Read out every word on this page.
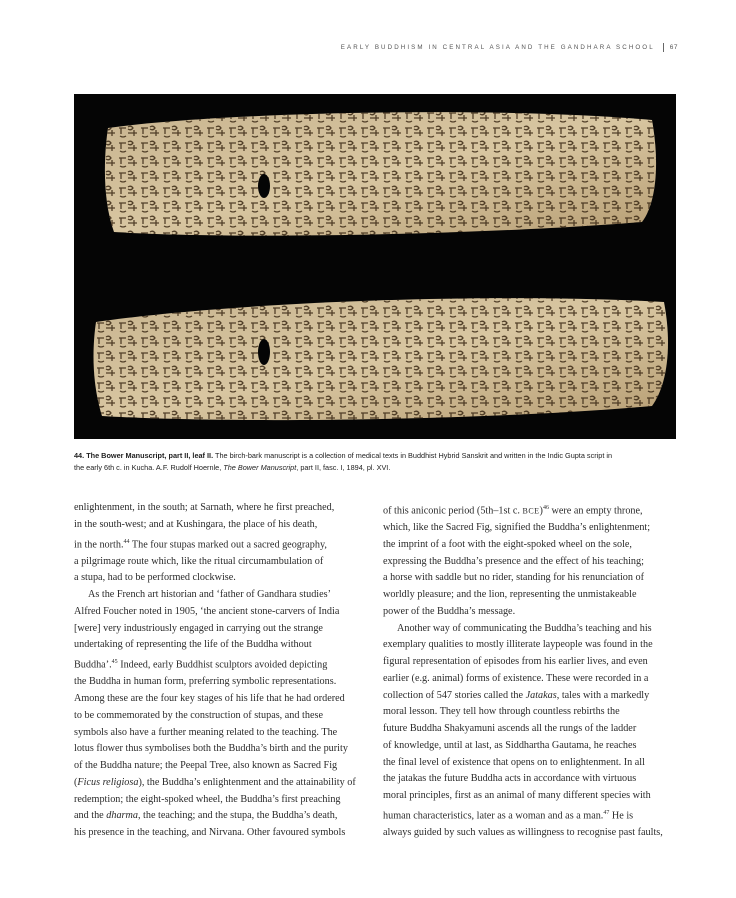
EARLY BUDDHISM IN CENTRAL ASIA AND THE GANDHARA SCHOOL 67
44. The Bower Manuscript, part II, leaf II. The birch-bark manuscript is a collection of medical texts in Buddhist Hybrid Sanskrit and written in the Indic Gupta script in
the early 6th c. in Kucha. A.F. Rudolf Hoernle, The Bower Manuscript, part II, fasc. I, 1894, pl. XVI.
enlightenment, in the south; at Sarnath, where he first preached,
in the south-west; and at Kushingara, the place of his death,
in the north.$^{44}$ The four stupas marked out a sacred geography,
a pilgrimage route which, like the ritual circumambulation of
a stupa, had to be performed clockwise.
As the French art historian and ‘father of Gandhara studies’
Alfred Foucher noted in 1905, ‘the ancient stone-carvers of India
[were] very industriously engaged in carrying out the strange
undertaking of representing the life of the Buddha without
Buddha’.$^{45}$ Indeed, early Buddhist sculptors avoided depicting
the Buddha in human form, preferring symbolic representations.
Among these are the four key stages of his life that he had ordered
to be commemorated by the construction of stupas, and these
symbols also have a further meaning related to the teaching. The
lotus flower thus symbolises both the Buddha’s birth and the purity
of the Buddha nature; the Peepal Tree, also known as Sacred Fig
(Ficus religiosa), the Buddha’s enlightenment and the attainability of
redemption; the eight-spoked wheel, the Buddha’s first preaching
and the dharma, the teaching; and the stupa, the Buddha’s death,
his presence in the teaching, and Nirvana. Other favoured symbols
of this aniconic period (5th–1st c. BCE)$^{46}$ were an empty throne,
which, like the Sacred Fig, signified the Buddha’s enlightenment;
the imprint of a foot with the eight-spoked wheel on the sole,
expressing the Buddha’s presence and the effect of his teaching;
a horse with saddle but no rider, standing for his renunciation of
worldly pleasure; and the lion, representing the unmistakeable
power of the Buddha’s message.
Another way of communicating the Buddha’s teaching and his
exemplary qualities to mostly illiterate laypeople was found in the
figural representation of episodes from his earlier lives, and even
earlier (e.g. animal) forms of existence. These were recorded in a
collection of 547 stories called the Jatakas, tales with a markedly
moral lesson. They tell how through countless rebirths the
future Buddha Shakyamuni ascends all the rungs of the ladder
of knowledge, until at last, as Siddhartha Gautama, he reaches
the final level of existence that opens on to enlightenment. In all
the jatakas the future Buddha acts in accordance with virtuous
moral principles, first as an animal of many different species with
human characteristics, later as a woman and as a man.$^{47}$ He is
always guided by such values as willingness to recognise past faults,
